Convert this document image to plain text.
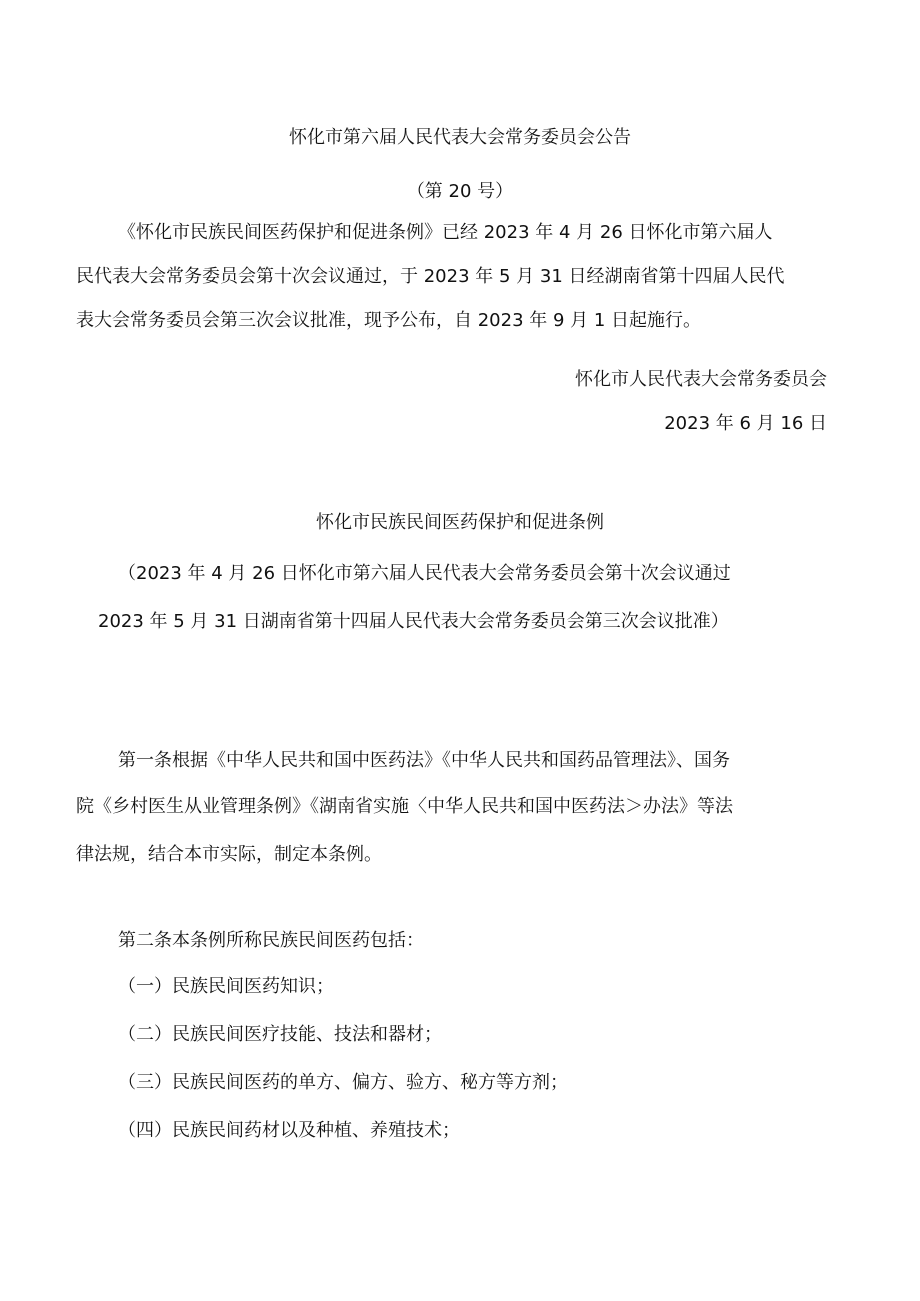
怀化市第六届人民代表大会常务委员会公告
（第 20 号）
《怀化市民族民间医药保护和促进条例》已经 2023 年 4 月 26 日怀化市第六届人
民代表大会常务委员会第十次会议通过，于 2023 年 5 月 31 日经湖南省第十四届人民代
表大会常务委员会第三次会议批准，现予公布，自 2023 年 9 月 1 日起施行。
怀化市人民代表大会常务委员会
2023 年 6 月 16 日
怀化市民族民间医药保护和促进条例
（2023 年 4 月 26 日怀化市第六届人民代表大会常务委员会第十次会议通过
2023 年 5 月 31 日湖南省第十四届人民代表大会常务委员会第三次会议批准）
第一条根据《中华人民共和国中医药法》《中华人民共和国药品管理法》、国务
院《乡村医生从业管理条例》《湖南省实施〈中华人民共和国中医药法＞办法》等法
律法规，结合本市实际，制定本条例。
第二条本条例所称民族民间医药包括：
（一）民族民间医药知识；
（二）民族民间医疗技能、技法和器材；
（三）民族民间医药的单方、偏方、验方、秘方等方剂；
（四）民族民间药材以及种植、养殖技术；
